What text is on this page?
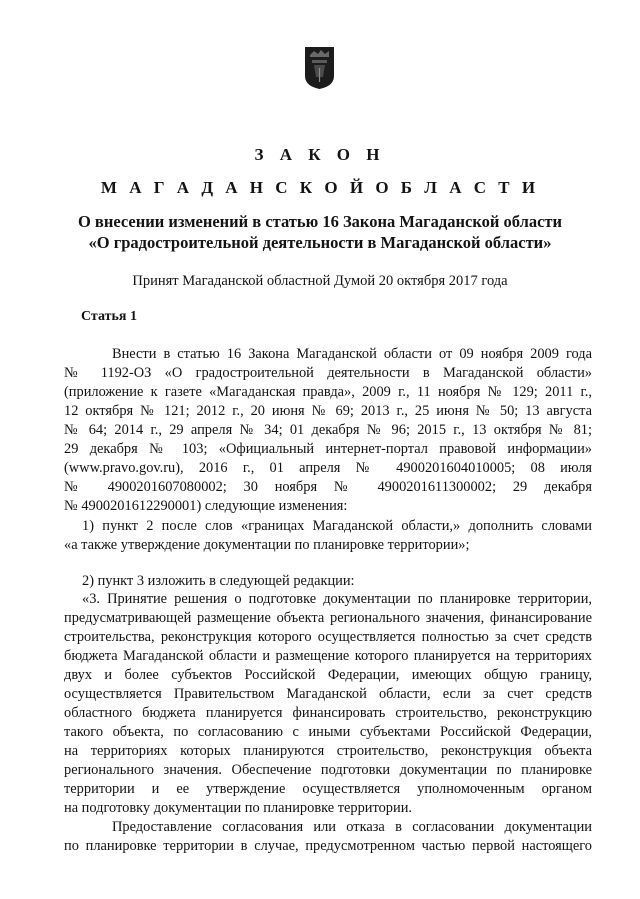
З А К О Н
М А Г А Д А Н С К О Й О Б Л А С Т И
О внесении изменений в статью 16 Закона Магаданской области
«О градостроительной деятельности в Магаданской области»
Принят Магаданской областной Думой 20 октября 2017 года
Статья 1
Внести в статью 16 Закона Магаданской области от 09 ноября 2009 года
№ 1192-ОЗ «О градостроительной деятельности в Магаданской области»
(приложение к газете «Магаданская правда», 2009 г., 11 ноября № 129; 2011 г.,
12 октября № 121; 2012 г., 20 июня № 69; 2013 г., 25 июня № 50; 13 августа
№ 64; 2014 г., 29 апреля № 34; 01 декабря № 96; 2015 г., 13 октября № 81;
29 декабря № 103; «Официальный интернет-портал правовой информации»
(www.pravo.gov.ru), 2016 г., 01 апреля № 4900201604010005; 08 июля
№ 4900201607080002; 30 ноября № 4900201611300002; 29 декабря
№ 4900201612290001) следующие изменения:
1) пункт 2 после слов «границах Магаданской области,» дополнить словами
«а также утверждение документации по планировке территории»;
2) пункт 3 изложить в следующей редакции:
«3. Принятие решения о подготовке документации по планировке территории,
предусматривающей размещение объекта регионального значения, финансирование
строительства, реконструкция которого осуществляется полностью за счет средств
бюджета Магаданской области и размещение которого планируется на территориях
двух и более субъектов Российской Федерации, имеющих общую границу,
осуществляется Правительством Магаданской области, если за счет средств
областного бюджета планируется финансировать строительство, реконструкцию
такого объекта, по согласованию с иными субъектами Российской Федерации,
на территориях которых планируются строительство, реконструкция объекта
регионального значения. Обеспечение подготовки документации по планировке
территории и ее утверждение осуществляется уполномоченным органом
на подготовку документации по планировке территории.
Предоставление согласования или отказа в согласовании документации
по планировке территории в случае, предусмотренном частью первой настоящего
